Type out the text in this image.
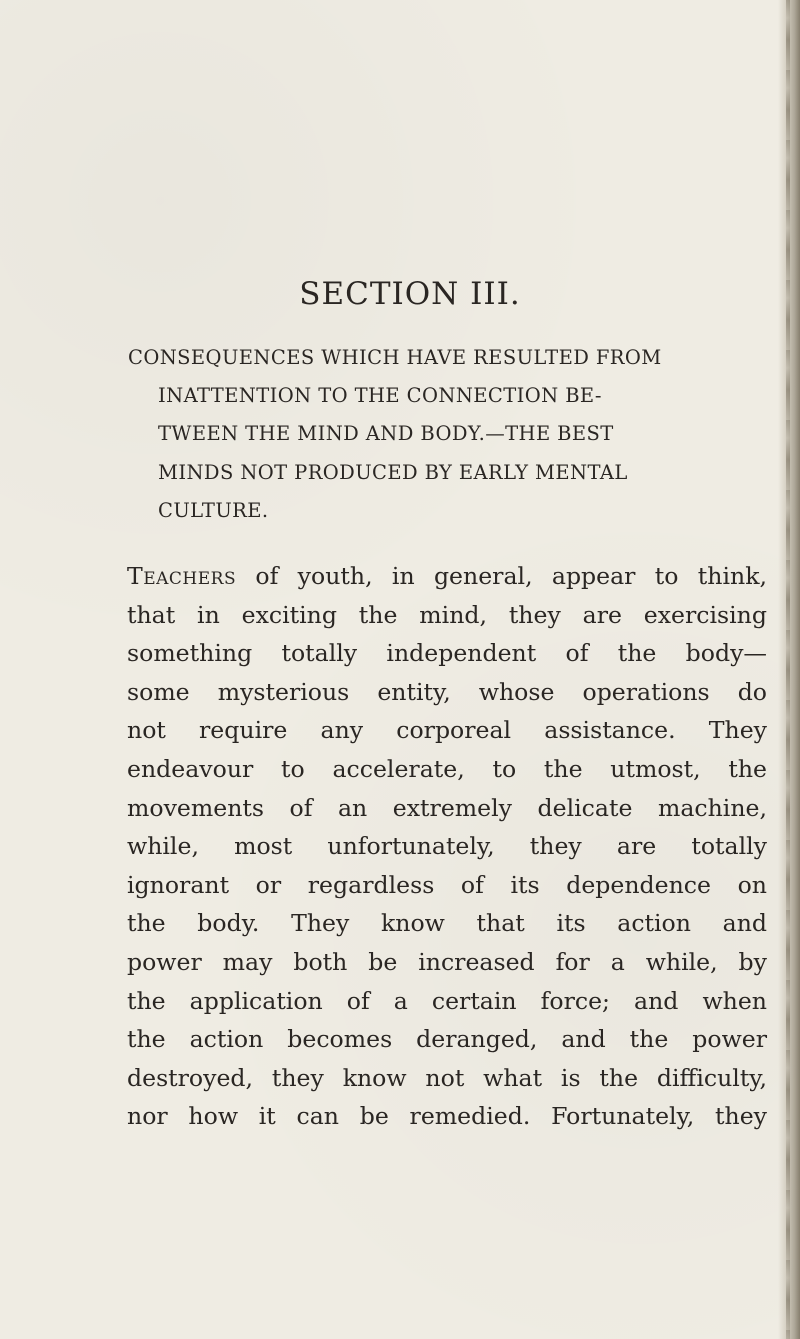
SECTION III.
CONSEQUENCES WHICH HAVE RESULTED FROM
INATTENTION TO THE CONNECTION BE-
TWEEN THE MIND AND BODY.—THE BEST
MINDS NOT PRODUCED BY EARLY MENTAL
CULTURE.
Teachers of youth, in general, appear to think,
that in exciting the mind, they are exercising
something totally independent of the body—
some mysterious entity, whose operations do
not require any corporeal assistance. They
endeavour to accelerate, to the utmost, the
movements of an extremely delicate machine,
while, most unfortunately, they are totally
ignorant or regardless of its dependence on
the body. They know that its action and
power may both be increased for a while, by
the application of a certain force; and when
the action becomes deranged, and the power
destroyed, they know not what is the difficulty,
nor how it can be remedied. Fortunately, they
